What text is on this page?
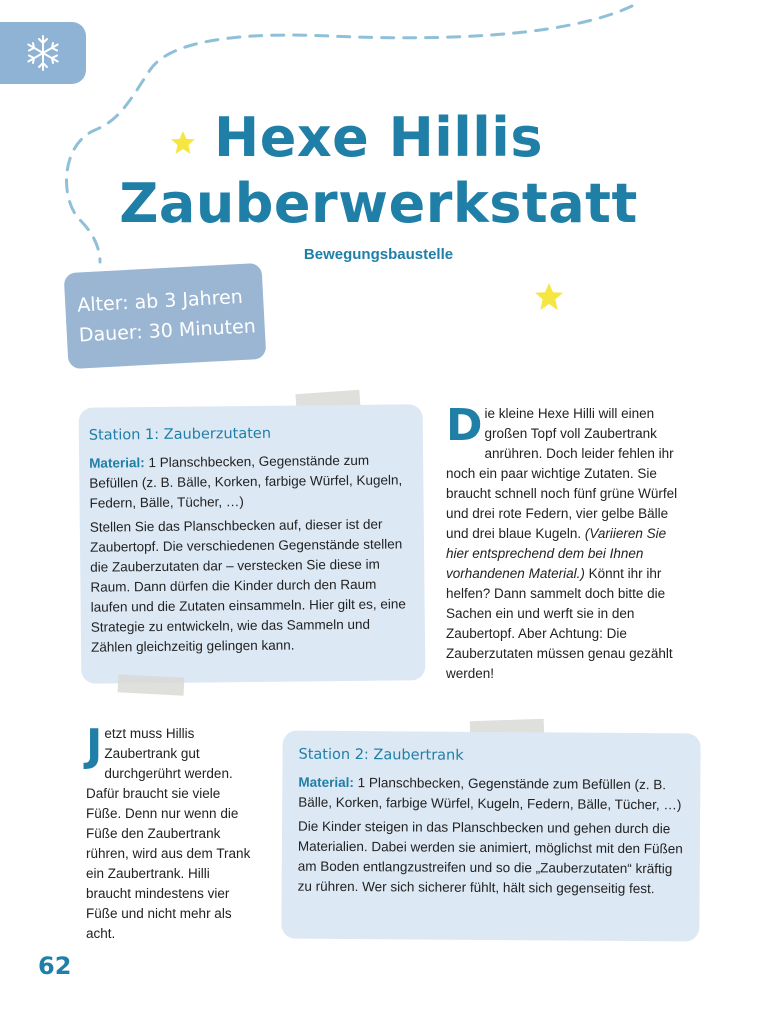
Hexe Hillis
Zauberwerkstatt
Bewegungsbaustelle
Alter: ab 3 Jahren
Dauer: 30 Minuten
Station 1: Zauberzutaten

Material: 1 Planschbecken, Gegenstände zum Befüllen (z. B. Bälle, Korken, farbige Würfel, Kugeln, Federn, Bälle, Tücher, …)

Stellen Sie das Planschbecken auf, dieser ist der Zaubertopf. Die verschiedenen Gegenstände stellen die Zauberzutaten dar – verstecken Sie diese im Raum. Dann dürfen die Kinder durch den Raum laufen und die Zutaten einsammeln. Hier gilt es, eine Strategie zu entwickeln, wie das Sammeln und Zählen gleichzeitig gelingen kann.

Die kleine Hexe Hilli will einen großen Topf voll Zaubertrank anrühren. Doch leider fehlen ihr noch ein paar wichtige Zutaten. Sie braucht schnell noch fünf grüne Würfel und drei rote Federn, vier gelbe Bälle und drei blaue Kugeln. (Variieren Sie hier entsprechend dem bei Ihnen vorhandenen Material.) Könnt ihr ihr helfen? Dann sammelt doch bitte die Sachen ein und werft sie in den Zaubertopf. Aber Achtung: Die Zauberzutaten müssen genau gezählt werden!
Jetzt muss Hillis Zaubertrank gut durchgerührt werden. Dafür braucht sie viele Füße. Denn nur wenn die Füße den Zaubertrank rühren, wird aus dem Trank ein Zaubertrank. Hilli braucht mindestens vier Füße und nicht mehr als acht.
Station 2: Zaubertrank

Material: 1 Planschbecken, Gegenstände zum Befüllen (z. B. Bälle, Korken, farbige Würfel, Kugeln, Federn, Bälle, Tücher, …)

Die Kinder steigen in das Planschbecken und gehen durch die Materialien. Dabei werden sie animiert, möglichst mit den Füßen am Boden entlangzustreifen und so die „Zauberzutaten“ kräftig zu rühren. Wer sich sicherer fühlt, hält sich gegenseitig fest.

62
